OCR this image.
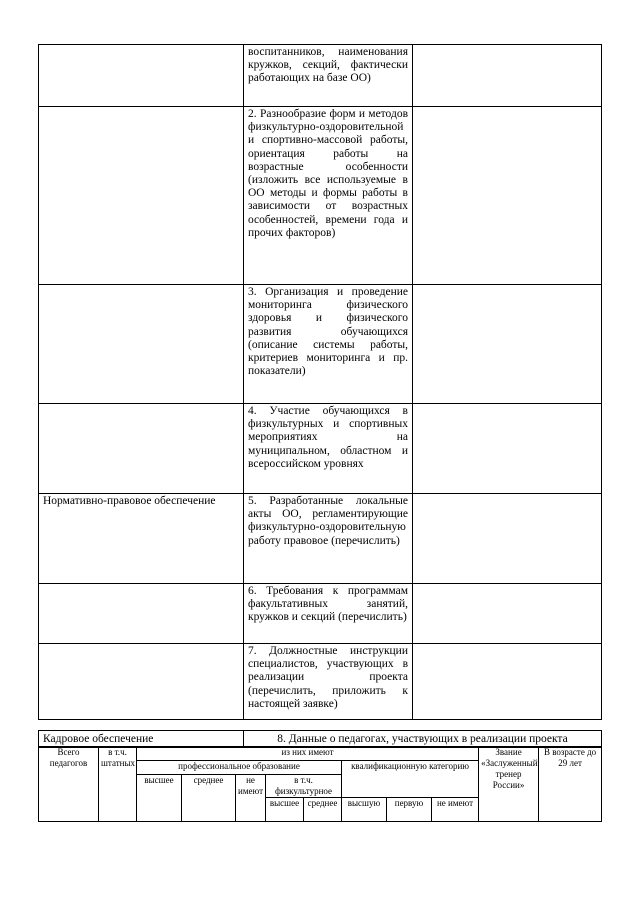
	воспитанников, наименования кружков, секций, фактически работающих на базе ОО)	
	2. Разнообразие форм и методов физкультурно-оздоровительной и спортивно-массовой работы, ориентация работы на возрастные особенности (изложить все используемые в ОО методы и формы работы в зависимости от возрастных особенностей, времени года и прочих факторов)	
	3. Организация и проведение мониторинга физического здоровья и физического развития обучающихся (описание системы работы, критериев мониторинга и пр. показатели)	
	4. Участие обучающихся в физкультурных и спортивных мероприятиях на муниципальном, областном и всероссийском уровнях	
Нормативно-правовое обеспечение	5. Разработанные локальные акты ОО, регламентирующие физкультурно-оздоровительную работу правовое (перечислить)	
	6. Требования к программам факультативных занятий, кружков и секций (перечислить)	
	7. Должностные инструкции специалистов, участвующих в реализации проекта (перечислить, приложить к настоящей заявке)	
Кадровое обеспечение	8. Данные о педагогах, участвующих в реализации проекта
Всего педагогов	в т.ч. штатных	из них имеют								Звание «Заслуженный тренер России»	В возрасте до 29 лет
		профессиональное образование					квалификационную категорию				
		высшее	среднее	не имеют	в т.ч. физкультурное						
					высшее	среднее	высшую	первую	не имеют		
